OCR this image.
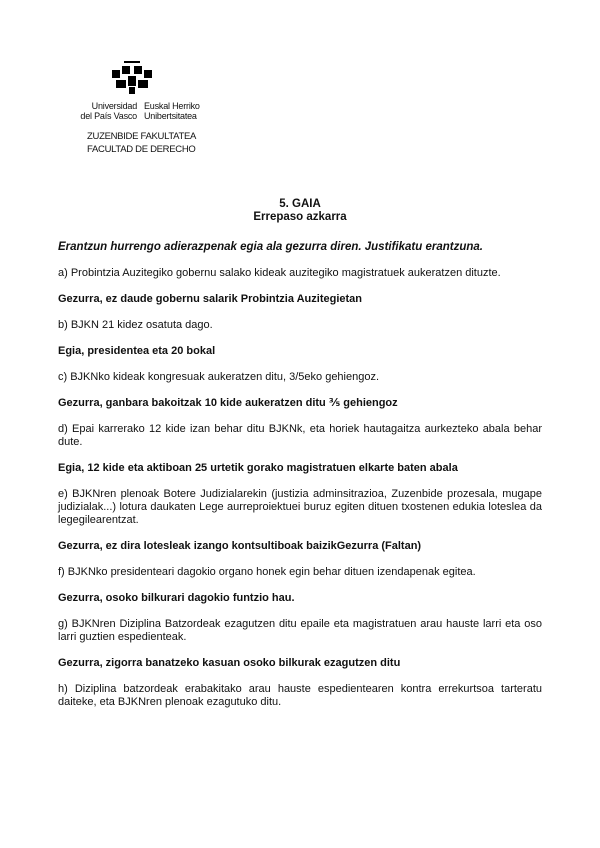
Universidad
del País Vasco
Euskal Herriko
Unibertsitatea
ZUZENBIDE FAKULTATEA
FACULTAD DE DERECHO
5. GAIA
Errepaso azkarra
Erantzun hurrengo adierazpenak egia ala gezurra diren. Justifikatu erantzuna.
a) Probintzia Auzitegiko gobernu salako kideak auzitegiko magistratuek aukeratzen dituzte.
Gezurra, ez daude gobernu salarik Probintzia Auzitegietan
b) BJKN 21 kidez osatuta dago.
Egia, presidentea eta 20 bokal
c) BJKNko kideak kongresuak aukeratzen ditu, 3/5eko gehiengoz.
Gezurra, ganbara bakoitzak 10 kide aukeratzen ditu ⅗ gehiengoz
d) Epai karrerako 12 kide izan behar ditu BJKNk, eta horiek hautagaitza aurkezteko abala behar dute.
Egia, 12 kide eta aktiboan 25 urtetik gorako magistratuen elkarte baten abala
e) BJKNren plenoak Botere Judizialarekin (justizia adminsitrazioa, Zuzenbide prozesala, mugape judizialak...) lotura daukaten Lege aurreproiektuei buruz egiten dituen txostenen edukia loteslea da legegilearentzat.
Gezurra, ez dira lotesleak izango kontsultiboak baizikGezurra (Faltan)
f) BJKNko presidenteari dagokio organo honek egin behar dituen izendapenak egitea.
Gezurra, osoko bilkurari dagokio funtzio hau.
g) BJKNren Diziplina Batzordeak ezagutzen ditu epaile eta magistratuen arau hauste larri eta oso larri guztien espedienteak.
Gezurra, zigorra banatzeko kasuan osoko bilkurak ezagutzen ditu
h) Diziplina batzordeak erabakitako arau hauste espedientearen kontra errekurtsoa tarteratu daiteke, eta BJKNren plenoak ezagutuko ditu.
